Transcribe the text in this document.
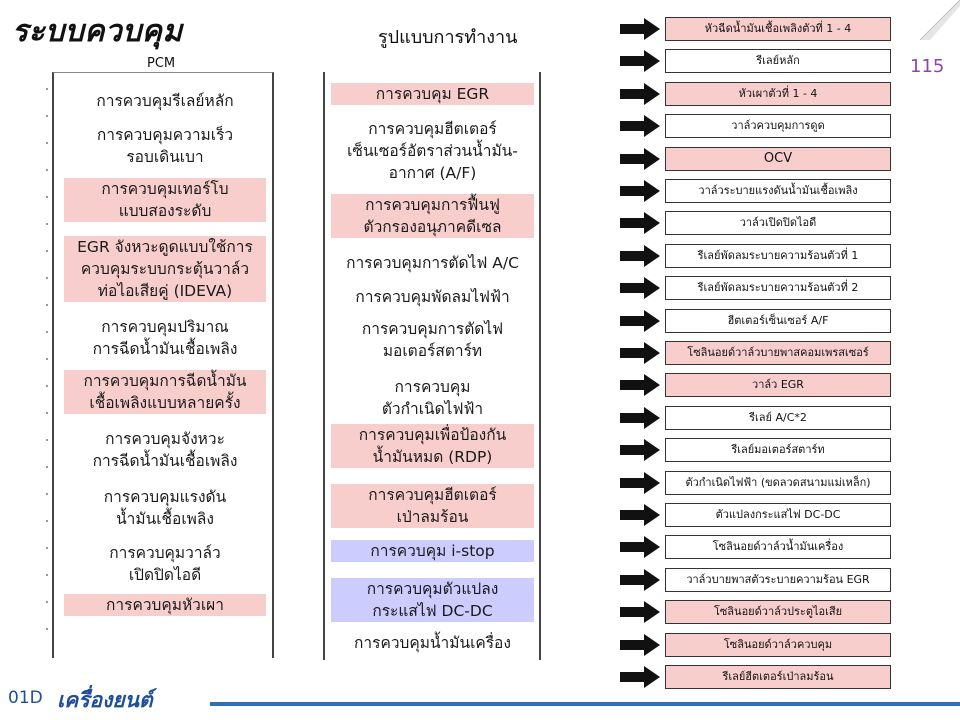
ระบบควบคุม	รูปแบบการทำงาน
115
PCM
การควบคุมรีเลย์หลัก
การควบคุมความเร็ว
รอบเดินเบา
การควบคุมเทอร์โบ
แบบสองระดับ
EGR จังหวะดูดแบบใช้การ
ควบคุมระบบกระตุ้นวาล์ว
ท่อไอเสียคู่ (IDEVA)
การควบคุมปริมาณ
การฉีดน้ำมันเชื้อเพลิง
การควบคุมการฉีดน้ำมัน
เชื้อเพลิงแบบหลายครั้ง
การควบคุมจังหวะ
การฉีดน้ำมันเชื้อเพลิง
การควบคุมแรงดัน
น้ำมันเชื้อเพลิง
การควบคุมวาล์ว
เปิดปิดไอดี
การควบคุมหัวเผา
การควบคุม EGR
การควบคุมฮีตเตอร์
เซ็นเซอร์อัตราส่วนน้ำมัน-
อากาศ (A/F)
การควบคุมการฟื้นฟู
ตัวกรองอนุภาคดีเซล
การควบคุมการตัดไฟ A/C
การควบคุมพัดลมไฟฟ้า
การควบคุมการตัดไฟ
มอเตอร์สตาร์ท
การควบคุม
ตัวกำเนิดไฟฟ้า
การควบคุมเพื่อป้องกัน
น้ำมันหมด (RDP)
การควบคุมฮีตเตอร์
เป่าลมร้อน
การควบคุม i-stop
การควบคุมตัวแปลง
กระแสไฟ DC-DC
การควบคุมน้ำมันเครื่อง
หัวฉีดน้ำมันเชื้อเพลิงตัวที่ 1 - 4
รีเลย์หลัก
หัวเผาตัวที่ 1 - 4
วาล์วควบคุมการดูด
OCV
วาล์วระบายแรงดันน้ำมันเชื้อเพลิง
วาล์วเปิดปิดไอดี
รีเลย์พัดลมระบายความร้อนตัวที่ 1
รีเลย์พัดลมระบายความร้อนตัวที่ 2
ฮีตเตอร์เซ็นเซอร์ A/F
โซลินอยด์วาล์วบายพาสคอมเพรสเซอร์
วาล์ว EGR
รีเลย์ A/C*2
รีเลย์มอเตอร์สตาร์ท
ตัวกำเนิดไฟฟ้า (ขดลวดสนามแม่เหล็ก)
ตัวแปลงกระแสไฟ DC-DC
โซลินอยด์วาล์วน้ำมันเครื่อง
วาล์วบายพาสตัวระบายความร้อน EGR
โซลินอยด์วาล์วประตูไอเสีย
โซลินอยด์วาล์วควบคุม
รีเลย์ฮีตเตอร์เป่าลมร้อน
01D เครื่องยนต์
